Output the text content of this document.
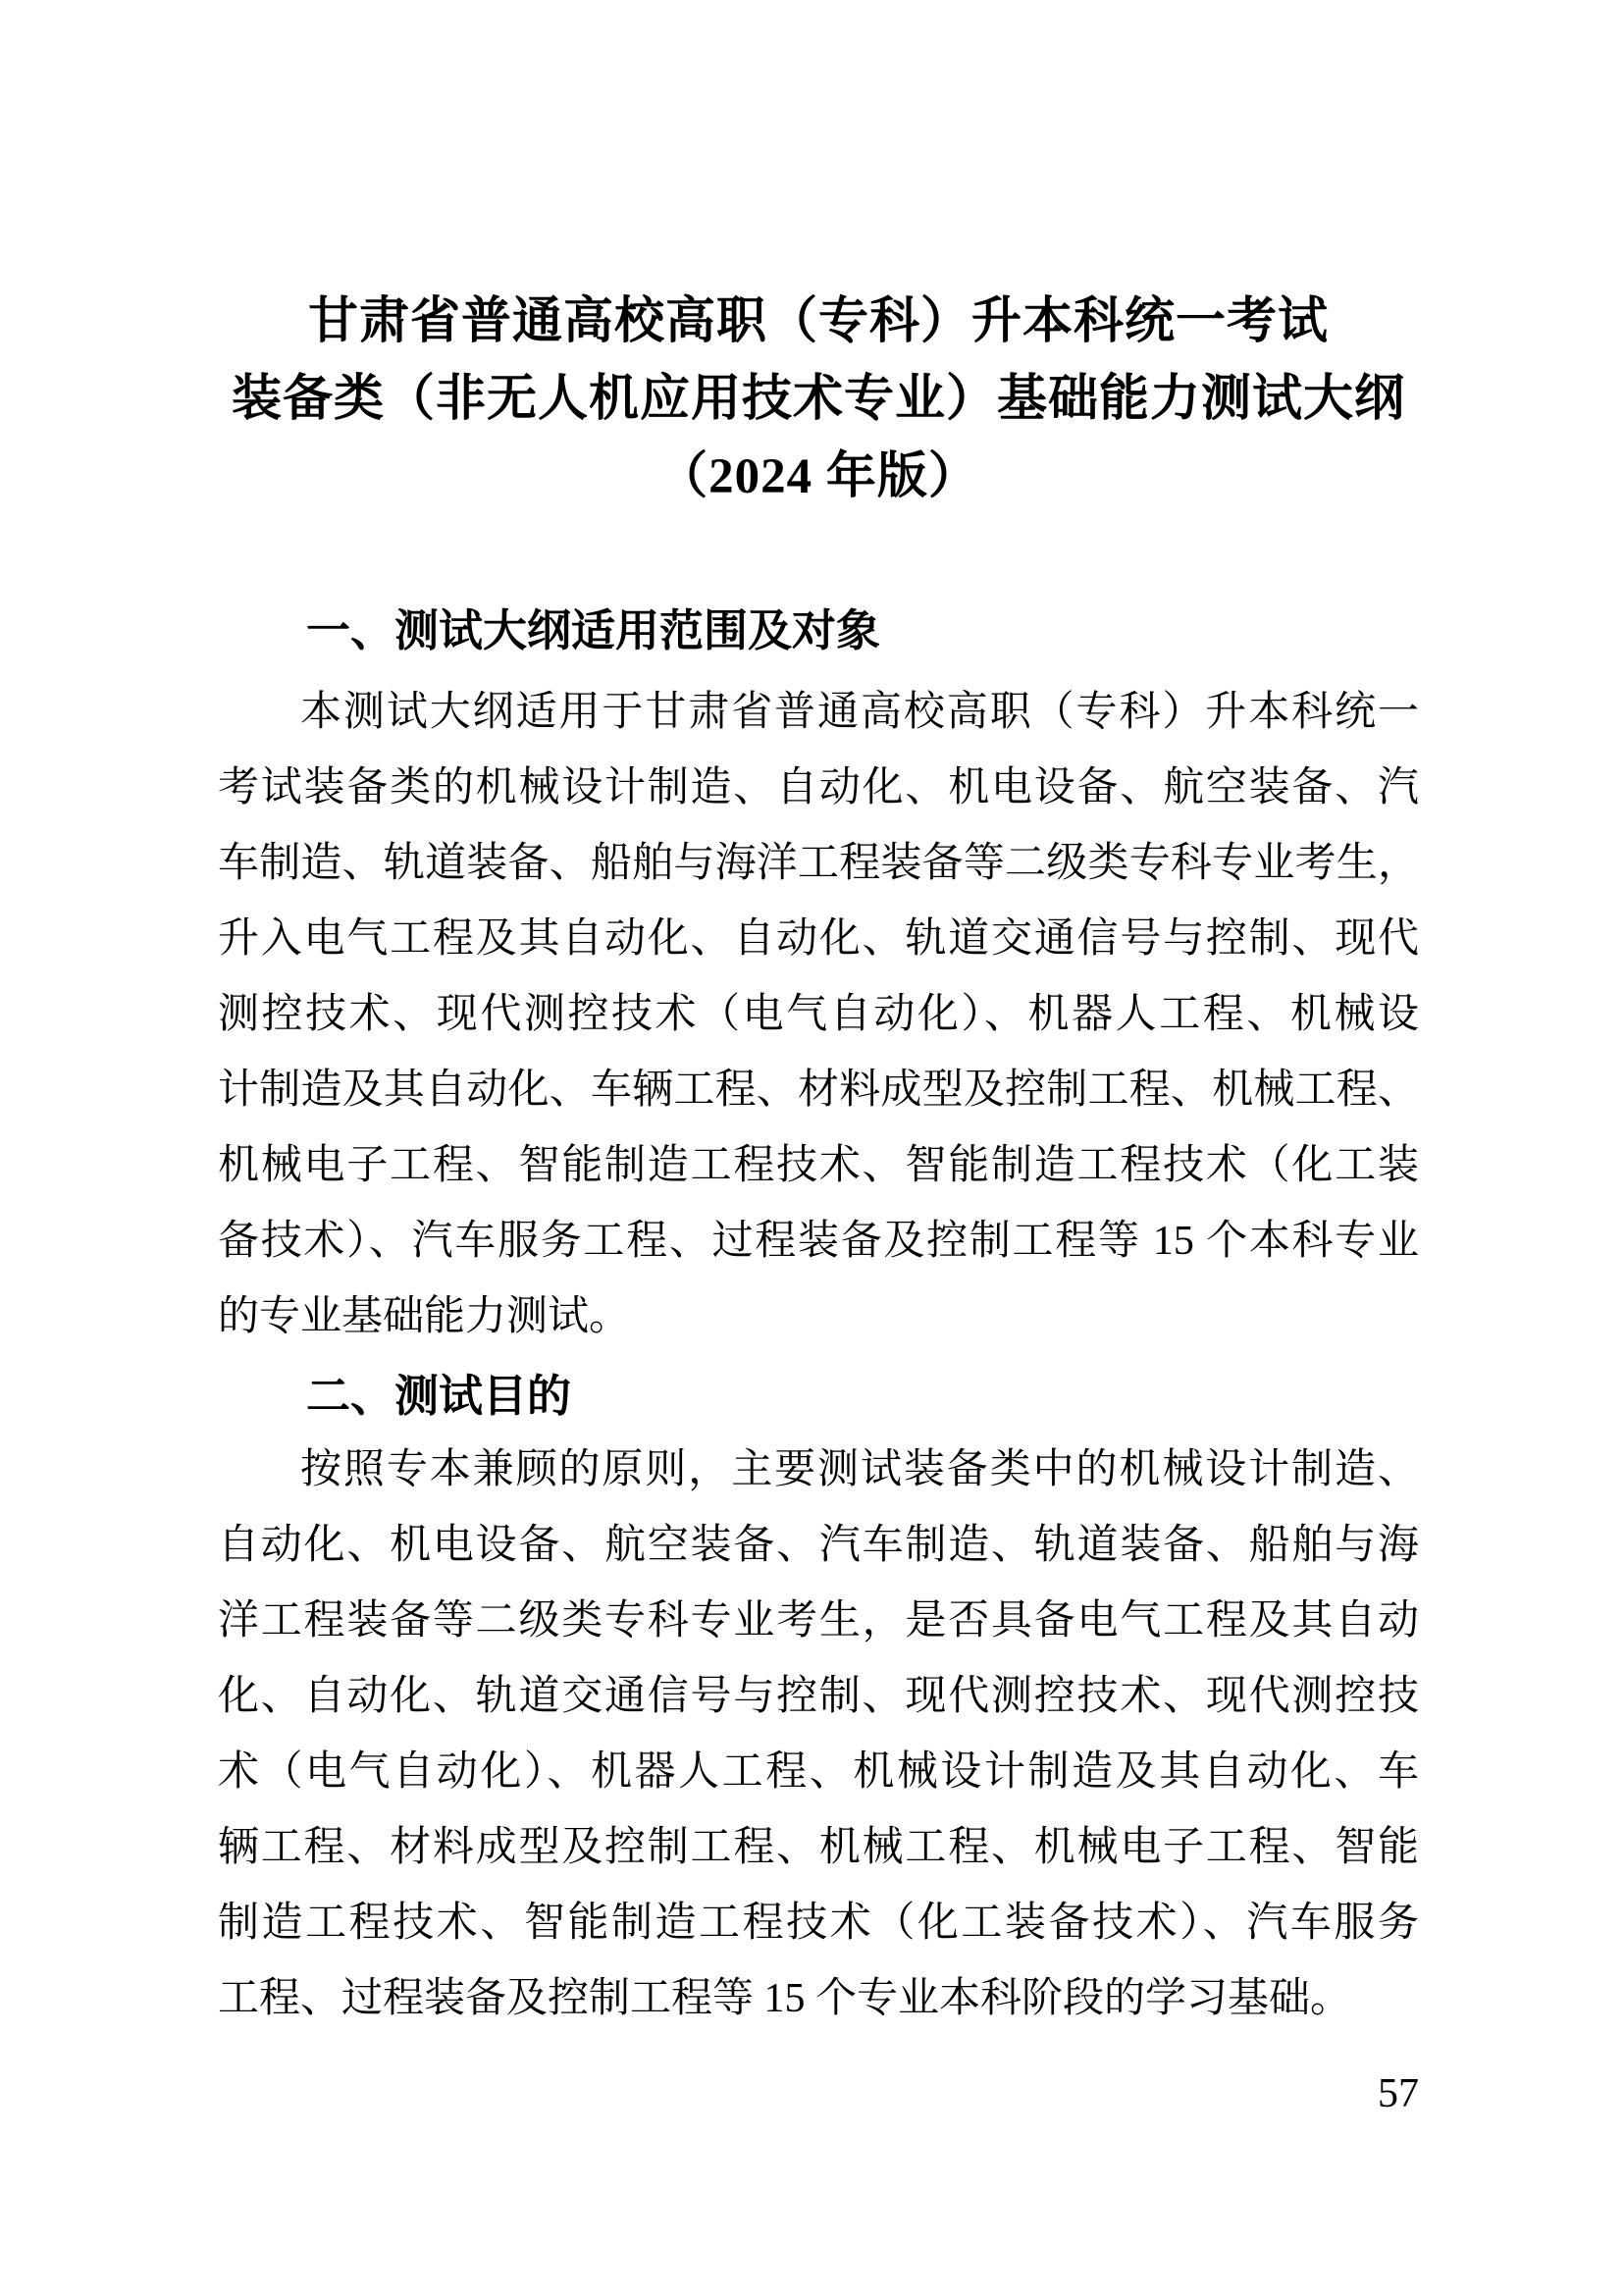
甘肃省普通高校高职（专科）升本科统一考试
装备类（非无人机应用技术专业）基础能力测试大纲
（2024 年版）
一、测试大纲适用范围及对象
本测试大纲适用于甘肃省普通高校高职（专科）升本科统一
考试装备类的机械设计制造、自动化、机电设备、航空装备、汽
车制造、轨道装备、船舶与海洋工程装备等二级类专科专业考生，
升入电气工程及其自动化、自动化、轨道交通信号与控制、现代
测控技术、现代测控技术（电气自动化）、机器人工程、机械设
计制造及其自动化、车辆工程、材料成型及控制工程、机械工程、
机械电子工程、智能制造工程技术、智能制造工程技术（化工装
备技术）、汽车服务工程、过程装备及控制工程等 15 个本科专业
的专业基础能力测试。
二、测试目的
按照专本兼顾的原则，主要测试装备类中的机械设计制造、
自动化、机电设备、航空装备、汽车制造、轨道装备、船舶与海
洋工程装备等二级类专科专业考生，是否具备电气工程及其自动
化、自动化、轨道交通信号与控制、现代测控技术、现代测控技
术（电气自动化）、机器人工程、机械设计制造及其自动化、车
辆工程、材料成型及控制工程、机械工程、机械电子工程、智能
制造工程技术、智能制造工程技术（化工装备技术）、汽车服务
工程、过程装备及控制工程等 15 个专业本科阶段的学习基础。
57
